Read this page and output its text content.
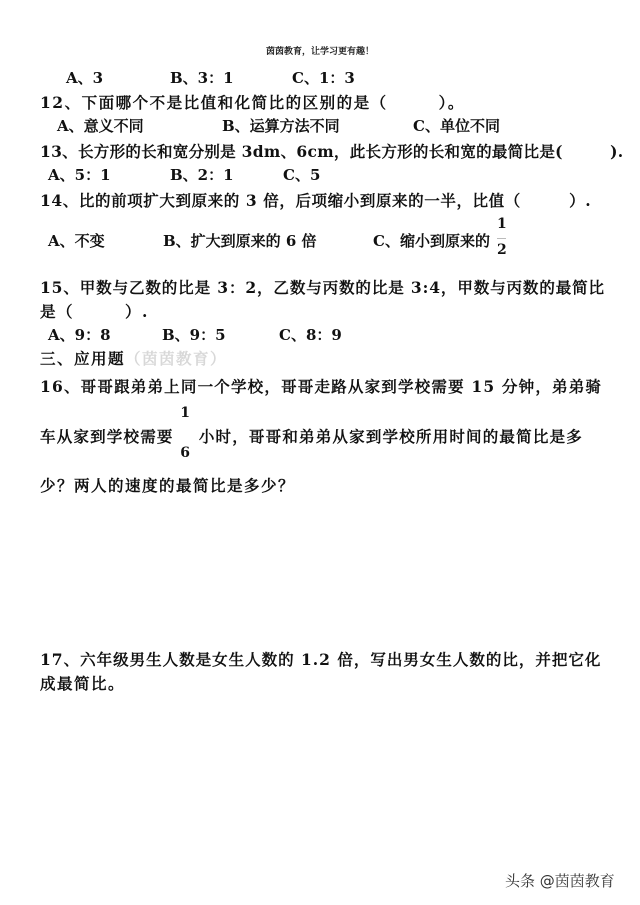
茵茵教育，让学习更有趣！
A、3	B、3：1	C、1：3
12、下面哪个不是比值和化简比的区别的是（　　　）。
A、意义不同	B、运算方法不同	C、单位不同
13、长方形的长和宽分别是 3dm、6cm，此长方形的长和宽的最简比是(　　　).
A、5：1	B、2：1	C、5
14、比的前项扩大到原来的 3 倍，后项缩小到原来的一半，比值（　　　）.
A、不变	B、扩大到原来的 6 倍	C、缩小到原来的
1
2
15、甲数与乙数的比是 3：2，乙数与丙数的比是 3:4，甲数与丙数的最简比
是（　　　）.
A、9：8	B、9：5	C、8：9
三、应用题（茵茵教育）
16、哥哥跟弟弟上同一个学校，哥哥走路从家到学校需要 15 分钟，弟弟骑
车从家到学校需要
1
6
小时，哥哥和弟弟从家到学校所用时间的最简比是多
少？两人的速度的最简比是多少？
17、六年级男生人数是女生人数的 1.2 倍，写出男女生人数的比，并把它化
成最简比。
头条 @茵茵教育
